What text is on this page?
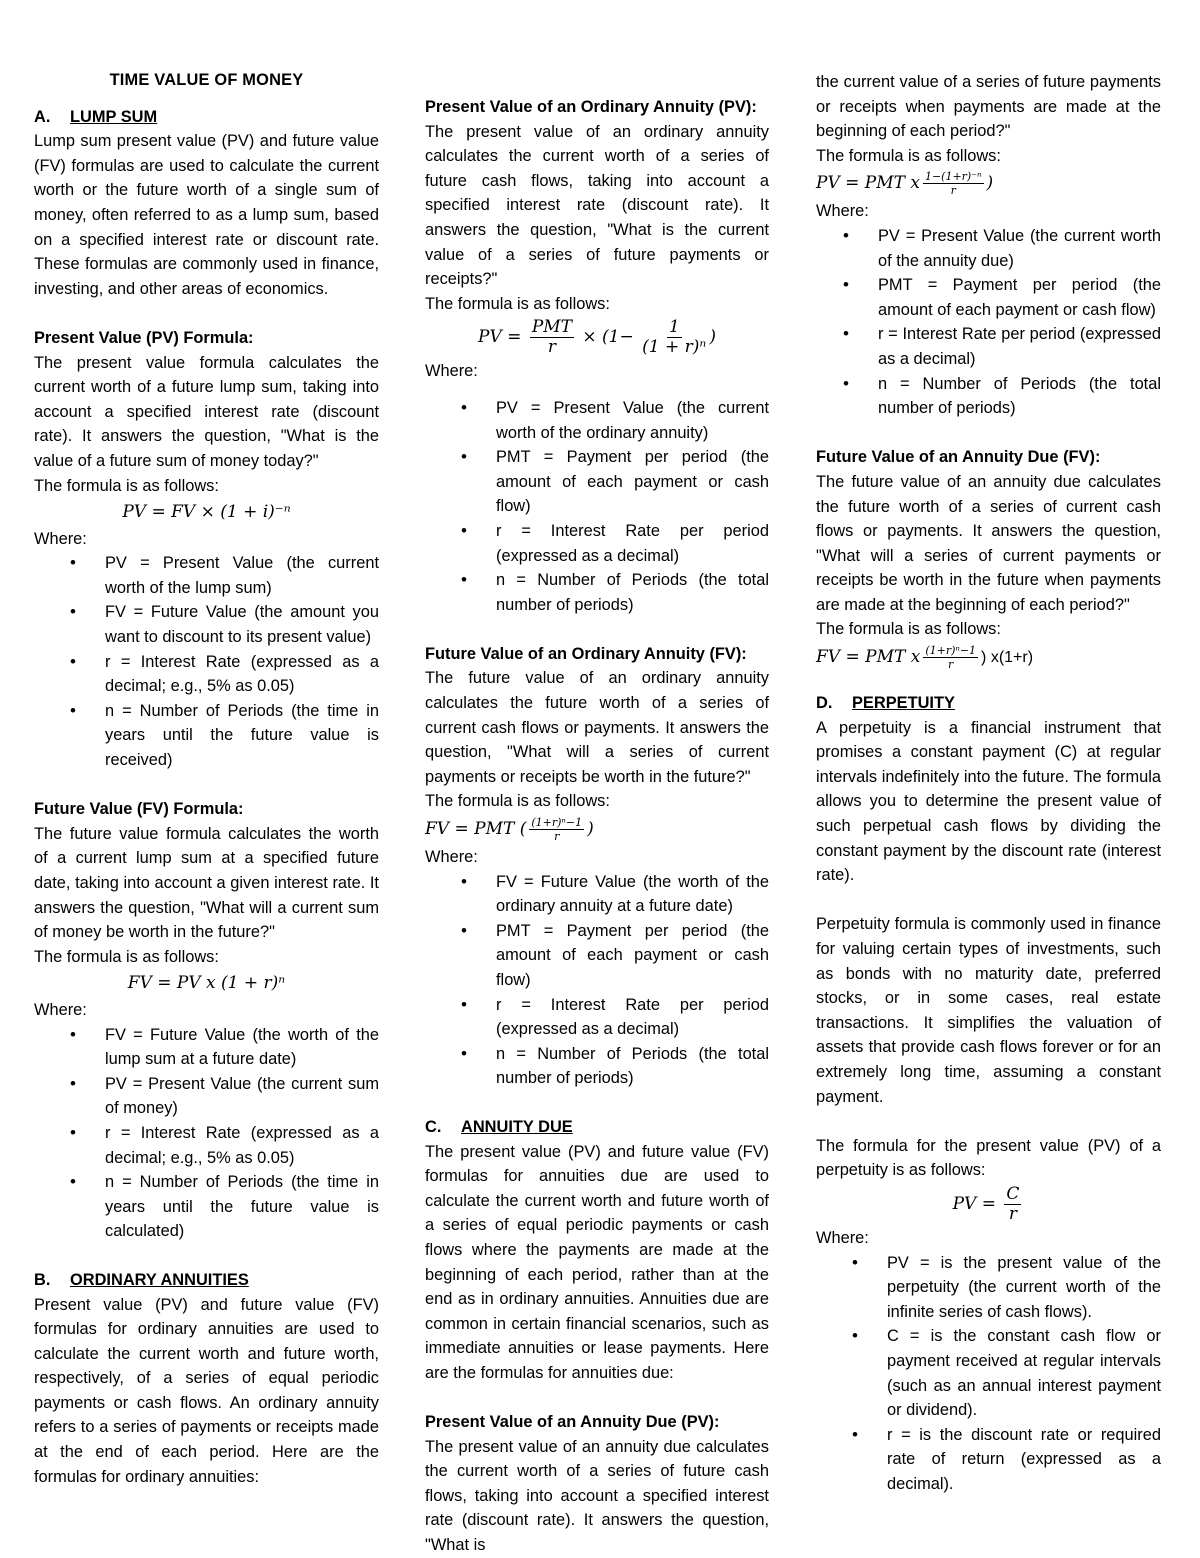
TIME VALUE OF MONEY
A. LUMP SUM

Lump sum present value (PV) and future value (FV) formulas are used to calculate the current worth or the future worth of a single sum of money, often referred to as a lump sum, based on a specified interest rate or discount rate. These formulas are commonly used in finance, investing, and other areas of economics.

Present Value (PV) Formula:

The present value formula calculates the current worth of a future lump sum, taking into account a specified interest rate (discount rate). It answers the question, "What is the value of a future sum of money today?"

The formula is as follows:

PV = FV × (1 + i)⁻ⁿ

Where:

• PV = Present Value (the current worth of the lump sum)
• FV = Future Value (the amount you want to discount to its present value)
• r = Interest Rate (expressed as a decimal; e.g., 5% as 0.05)
• n = Number of Periods (the time in years until the future value is received)
Future Value (FV) Formula:

The future value formula calculates the worth of a current lump sum at a specified future date, taking into account a given interest rate. It answers the question, "What will a current sum of money be worth in the future?"

The formula is as follows:

FV = PV x (1 + r)ⁿ

Where:

• FV = Future Value (the worth of the lump sum at a future date)
• PV = Present Value (the current sum of money)
• r = Interest Rate (expressed as a decimal; e.g., 5% as 0.05)
• n = Number of Periods (the time in years until the future value is calculated)
B. ORDINARY ANNUITIES

Present value (PV) and future value (FV) formulas for ordinary annuities are used to calculate the current worth and future worth, respectively, of a series of equal periodic payments or cash flows. An ordinary annuity refers to a series of payments or receipts made at the end of each period. Here are the formulas for ordinary annuities:

Present Value of an Ordinary Annuity (PV):

The present value of an ordinary annuity calculates the current worth of a series of future cash flows, taking into account a specified interest rate (discount rate). It answers the question, "What is the current value of a series of future payments or receipts?"

The formula is as follows:

PV = $\frac{\text{PMT}}{r} \times (1- \frac{1}{\text{(1 + r)ⁿ}}$ )

Where:

• PV = Present Value (the current worth of the ordinary annuity)
• PMT = Payment per period (the amount of each payment or cash flow)
• r = Interest Rate per period (expressed as a decimal)
• n = Number of Periods (the total number of periods)
Future Value of an Ordinary Annuity (FV):

The future value of an ordinary annuity calculates the future worth of a series of current cash flows or payments. It answers the question, "What will a series of current payments or receipts be worth in the future?"

The formula is as follows:

FV = PMT ( $\frac{\text{(1+r)ⁿ−1}}{r}$ )

Where:

• FV = Future Value (the worth of the ordinary annuity at a future date)
• PMT = Payment per period (the amount of each payment or cash flow)
• r = Interest Rate per period (expressed as a decimal)
• n = Number of Periods (the total number of periods)
C. ANNUITY DUE

The present value (PV) and future value (FV) formulas for annuities due are used to calculate the current worth and future worth of a series of equal periodic payments or cash flows where the payments are made at the beginning of each period, rather than at the end as in ordinary annuities. Annuities due are common in certain financial scenarios, such as immediate annuities or lease payments. Here are the formulas for annuities due:

Present Value of an Annuity Due (PV):

The present value of an annuity due calculates the current worth of a series of future cash flows, taking into account a specified interest rate (discount rate). It answers the question, "What is

the current value of a series of future payments or receipts when payments are made at the beginning of each period?"

The formula is as follows:

PV = PMT x $\frac{\text{1−(1+r)⁻ⁿ}}{r}$ )

Where:

• PV = Present Value (the current worth of the annuity due)
• PMT = Payment per period (the amount of each payment or cash flow)
• r = Interest Rate per period (expressed as a decimal)
• n = Number of Periods (the total number of periods)
Future Value of an Annuity Due (FV):

The future value of an annuity due calculates the future worth of a series of current cash flows or payments. It answers the question, "What will a series of current payments or receipts be worth in the future when payments are made at the beginning of each period?"

The formula is as follows:

FV = PMT x $\frac{\text{(1+r)ⁿ−1}}{r}$ ) x(1+r)
D. PERPETUITY

A perpetuity is a financial instrument that promises a constant payment (C) at regular intervals indefinitely into the future. The formula allows you to determine the present value of such perpetual cash flows by dividing the constant payment by the discount rate (interest rate).

Perpetuity formula is commonly used in finance for valuing certain types of investments, such as bonds with no maturity date, preferred stocks, or in some cases, real estate transactions. It simplifies the valuation of assets that provide cash flows forever or for an extremely long time, assuming a constant payment.

The formula for the present value (PV) of a perpetuity is as follows:

PV = $\frac{C}{r}$

Where:

• PV = is the present value of the perpetuity (the current worth of the infinite series of cash flows).
• C = is the constant cash flow or payment received at regular intervals (such as an annual interest payment or dividend).
• r = is the discount rate or required rate of return (expressed as a decimal).
